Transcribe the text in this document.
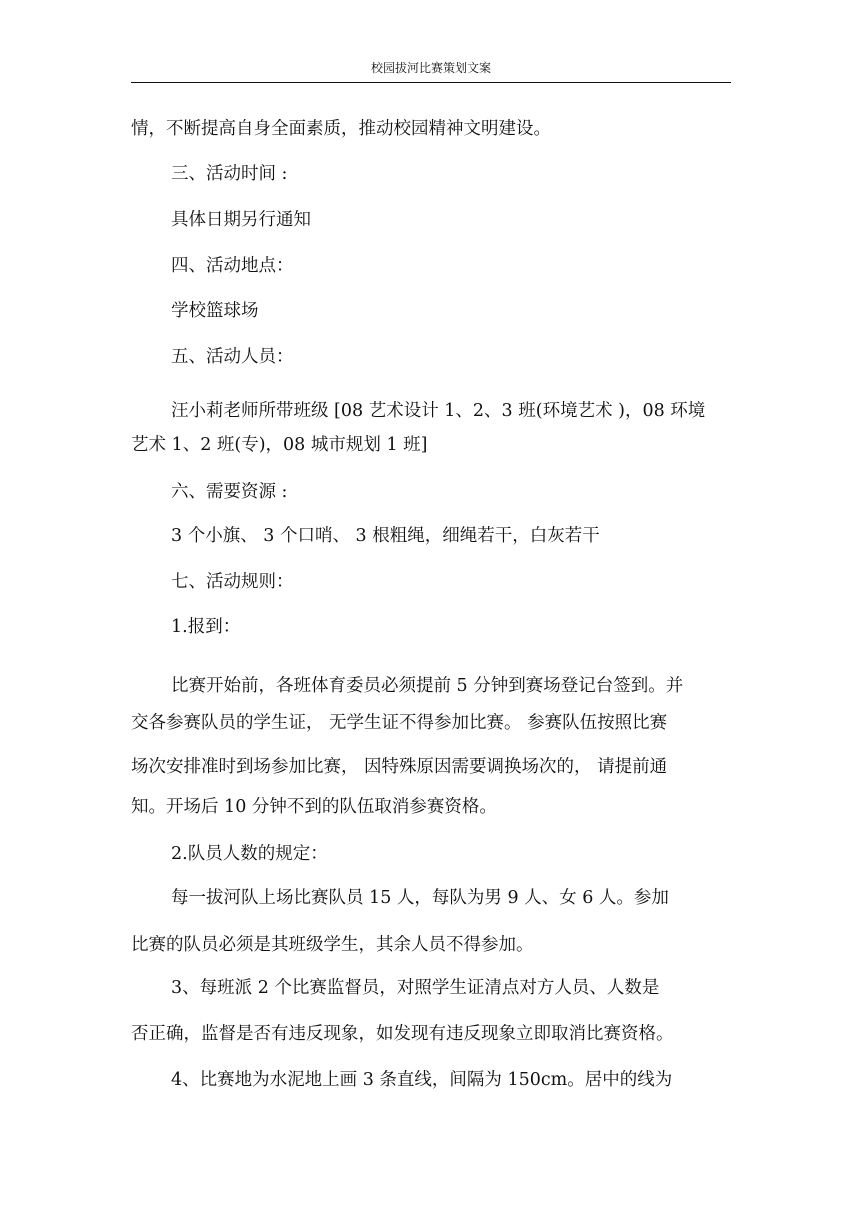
校园拔河比赛策划文案
情，不断提高自身全面素质，推动校园精神文明建设。
三、活动时间 :
具体日期另行通知
四、活动地点：
学校篮球场
五、活动人员：
汪小莉老师所带班级 [08 艺术设计 1、2、3 班(环境艺术 )，08 环境
艺术 1、2 班(专)，08 城市规划 1 班]
六、需要资源 :
3 个小旗、 3 个口哨、 3 根粗绳，细绳若干，白灰若干
七、活动规则：
1.报到：
比赛开始前，各班体育委员必须提前 5 分钟到赛场登记台签到。并
交各参赛队员的学生证， 无学生证不得参加比赛。 参赛队伍按照比赛
场次安排准时到场参加比赛， 因特殊原因需要调换场次的， 请提前通
知。开场后 10 分钟不到的队伍取消参赛资格。
2.队员人数的规定：
每一拔河队上场比赛队员 15 人，每队为男 9 人、女 6 人。参加
比赛的队员必须是其班级学生，其余人员不得参加。
3、每班派 2 个比赛监督员，对照学生证清点对方人员、人数是
否正确，监督是否有违反现象，如发现有违反现象立即取消比赛资格。
4、比赛地为水泥地上画 3 条直线，间隔为 150cm。居中的线为
